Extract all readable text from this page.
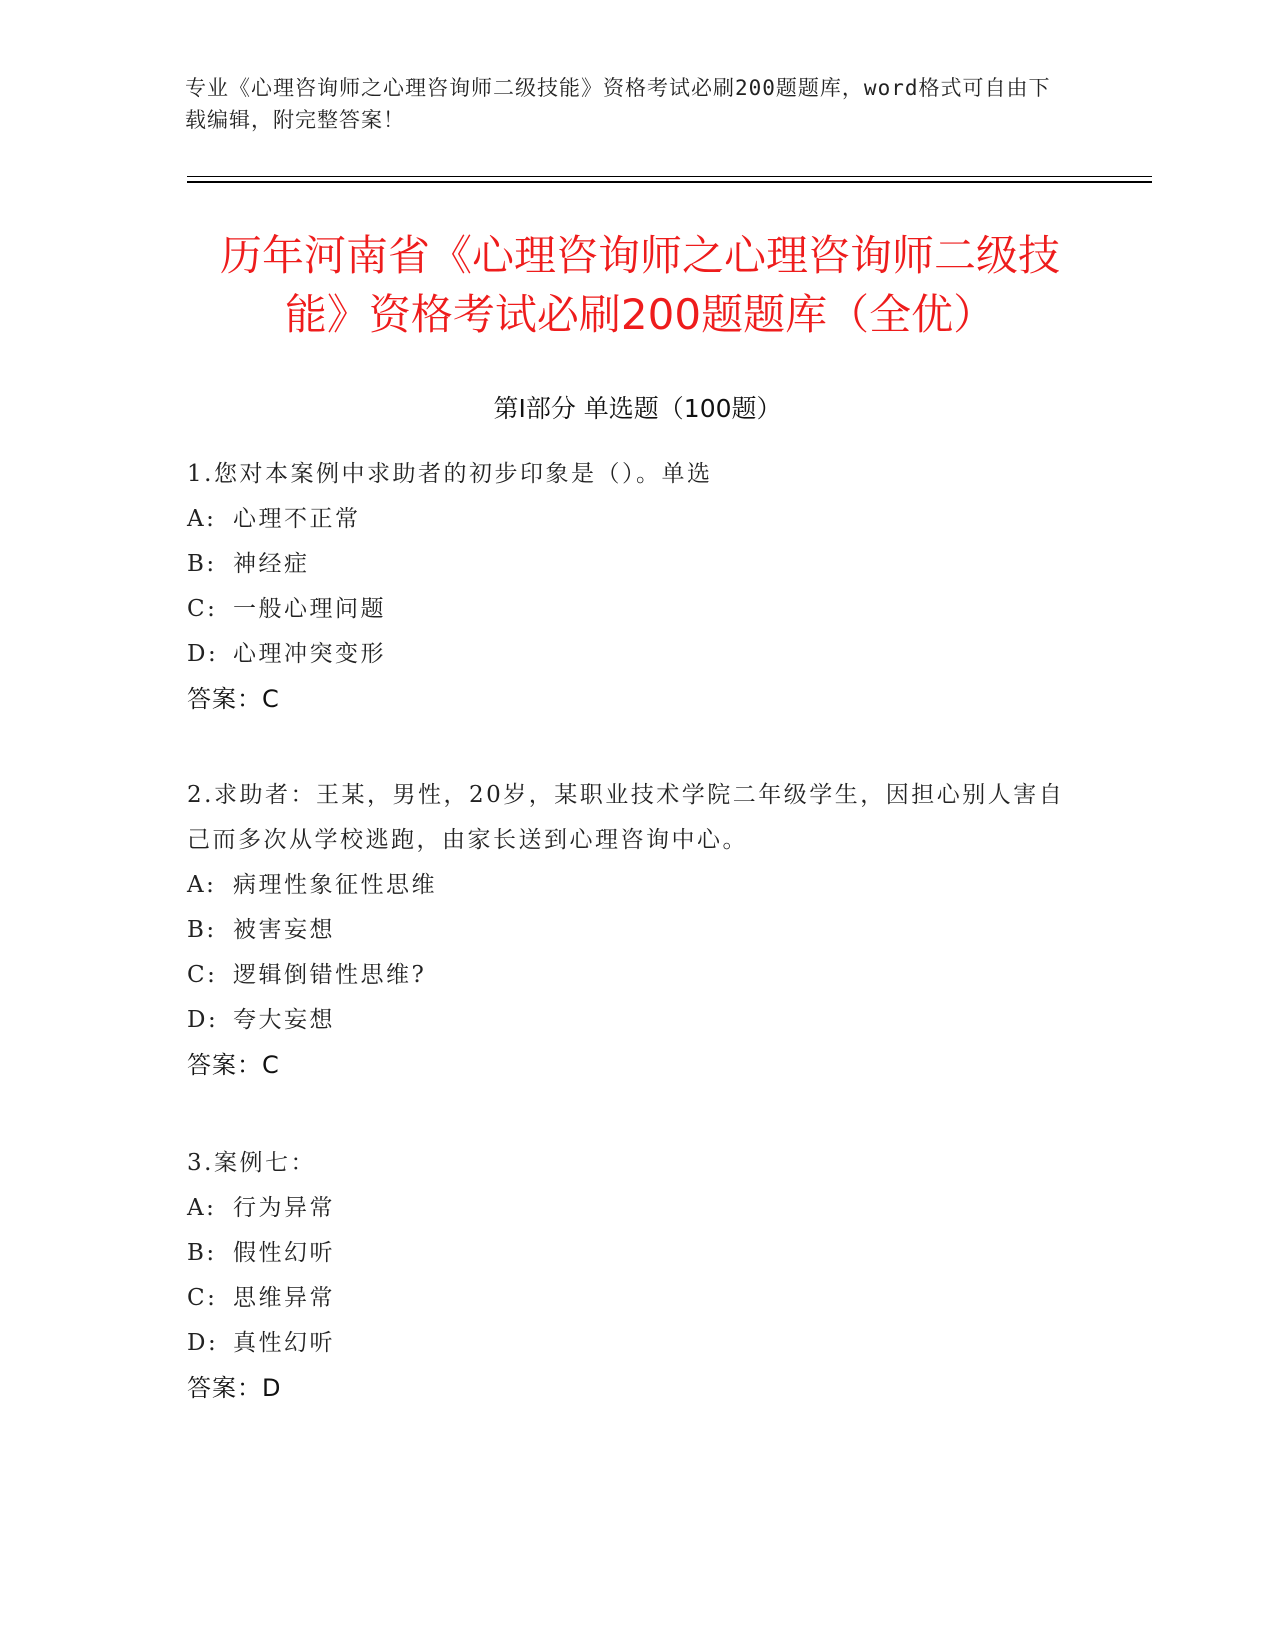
专业《心理咨询师之心理咨询师二级技能》资格考试必刷200题题库，word格式可自由下载编辑，附完整答案！
历年河南省《心理咨询师之心理咨询师二级技能》资格考试必刷200题题库（全优）
第Ⅰ部分 单选题（100题）
1.您对本案例中求助者的初步印象是（）。单选
A: 心理不正常
B: 神经症
C: 一般心理问题
D: 心理冲突变形
答案：C
2.求助者：王某，男性，20岁，某职业技术学院二年级学生，因担心别人害自己而多次从学校逃跑，由家长送到心理咨询中心。
A: 病理性象征性思维
B: 被害妄想
C: 逻辑倒错性思维?
D: 夸大妄想
答案：C
3.案例七：
A: 行为异常
B: 假性幻听
C: 思维异常
D: 真性幻听
答案：D
